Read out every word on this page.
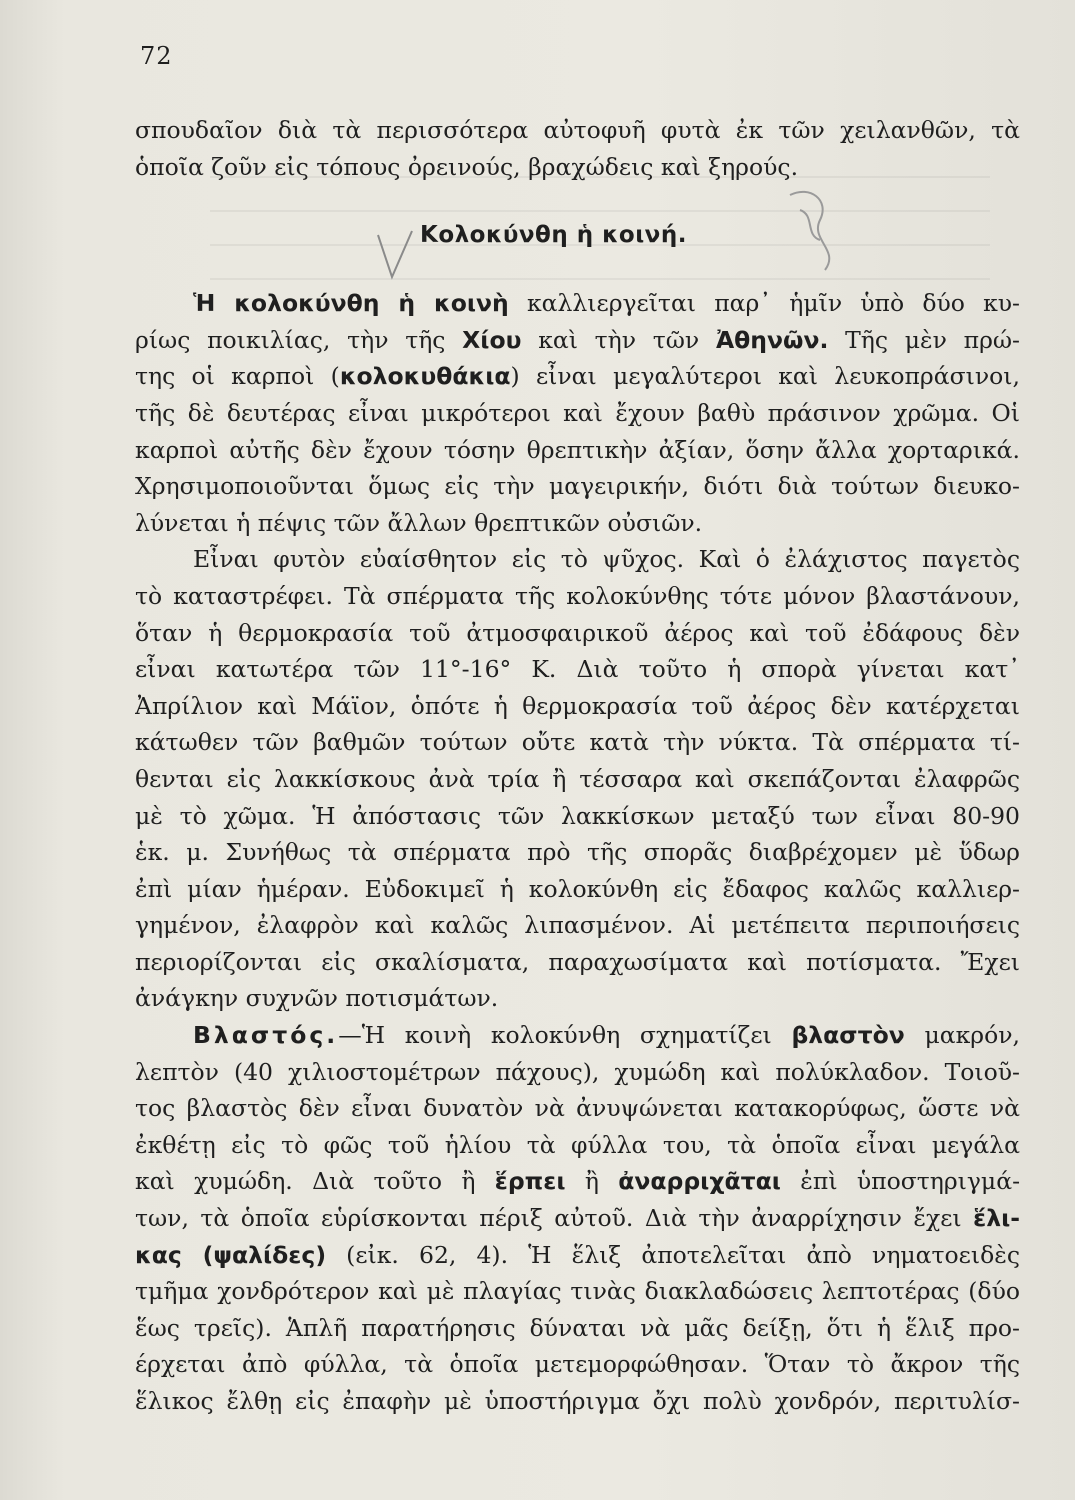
72
Κολοκύνθη ἡ κοινή.
σπουδαῖον διὰ τὰ περισσότερα αὐτοφυῆ φυτὰ ἐκ τῶν χειλανθῶν, τὰ
ὁποῖα ζοῦν εἰς τόπους ὀρεινούς, βραχώδεις καὶ ξηρούς.
Ἡ κολοκύνθη ἡ κοινὴ καλλιεργεῖται παρ᾽ ἡμῖν ὑπὸ δύο κυ-
ρίως ποικιλίας, τὴν τῆς Χίου καὶ τὴν τῶν Ἀθηνῶν. Τῆς μὲν πρώ-
της οἱ καρποὶ (κολοκυθάκια) εἶναι μεγαλύτεροι καὶ λευκοπράσινοι,
τῆς δὲ δευτέρας εἶναι μικρότεροι καὶ ἔχουν βαθὺ πράσινον χρῶμα. Οἱ
καρποὶ αὐτῆς δὲν ἔχουν τόσην θρεπτικὴν ἀξίαν, ὅσην ἄλλα χορταρικά.
Χρησιμοποιοῦνται ὅμως εἰς τὴν μαγειρικήν, διότι διὰ τούτων διευκο-
λύνεται ἡ πέψις τῶν ἄλλων θρεπτικῶν οὐσιῶν.
Εἶναι φυτὸν εὐαίσθητον εἰς τὸ ψῦχος. Καὶ ὁ ἐλάχιστος παγετὸς
τὸ καταστρέφει. Τὰ σπέρματα τῆς κολοκύνθης τότε μόνον βλαστάνουν,
ὅταν ἡ θερμοκρασία τοῦ ἀτμοσφαιρικοῦ ἀέρος καὶ τοῦ ἐδάφους δὲν
εἶναι κατωτέρα τῶν 11°-16° Κ. Διὰ τοῦτο ἡ σπορὰ γίνεται κατ᾽
Ἀπρίλιον καὶ Μάϊον, ὁπότε ἡ θερμοκρασία τοῦ ἀέρος δὲν κατέρχεται
κάτωθεν τῶν βαθμῶν τούτων οὔτε κατὰ τὴν νύκτα. Τὰ σπέρματα τί-
θενται εἰς λακκίσκους ἀνὰ τρία ἢ τέσσαρα καὶ σκεπάζονται ἐλαφρῶς
μὲ τὸ χῶμα. Ἡ ἀπόστασις τῶν λακκίσκων μεταξύ των εἶναι 80-90
ἑκ. μ. Συνήθως τὰ σπέρματα πρὸ τῆς σπορᾶς διαβρέχομεν μὲ ὕδωρ
ἐπὶ μίαν ἡμέραν. Εὐδοκιμεῖ ἡ κολοκύνθη εἰς ἔδαφος καλῶς καλλιερ-
γημένον, ἐλαφρὸν καὶ καλῶς λιπασμένον. Αἱ μετέπειτα περιποιήσεις
περιορίζονται εἰς σκαλίσματα, παραχωσίματα καὶ ποτίσματα. Ἔχει
ἀνάγκην συχνῶν ποτισμάτων.
Βλαστός.—Ἡ κοινὴ κολοκύνθη σχηματίζει βλαστὸν μακρόν,
λεπτὸν (40 χιλιοστομέτρων πάχους), χυμώδη καὶ πολύκλαδον. Τοιοῦ-
τος βλαστὸς δὲν εἶναι δυνατὸν νὰ ἀνυψώνεται κατακορύφως, ὥστε νὰ
ἐκθέτῃ εἰς τὸ φῶς τοῦ ἡλίου τὰ φύλλα του, τὰ ὁποῖα εἶναι μεγάλα
καὶ χυμώδη. Διὰ τοῦτο ἢ ἕρπει ἢ ἀναρριχᾶται ἐπὶ ὑποστηριγμά-
των, τὰ ὁποῖα εὑρίσκονται πέριξ αὐτοῦ. Διὰ τὴν ἀναρρίχησιν ἔχει ἕλι-
κας (ψαλίδες) (εἰκ. 62, 4). Ἡ ἕλιξ ἀποτελεῖται ἀπὸ νηματοειδὲς
τμῆμα χονδρότερον καὶ μὲ πλαγίας τινὰς διακλαδώσεις λεπτοτέρας (δύο
ἕως τρεῖς). Ἁπλῆ παρατήρησις δύναται νὰ μᾶς δείξῃ, ὅτι ἡ ἕλιξ προ-
έρχεται ἀπὸ φύλλα, τὰ ὁποῖα μετεμορφώθησαν. Ὅταν τὸ ἄκρον τῆς
ἕλικος ἔλθῃ εἰς ἐπαφὴν μὲ ὑποστήριγμα ὄχι πολὺ χονδρόν, περιτυλίσ-
